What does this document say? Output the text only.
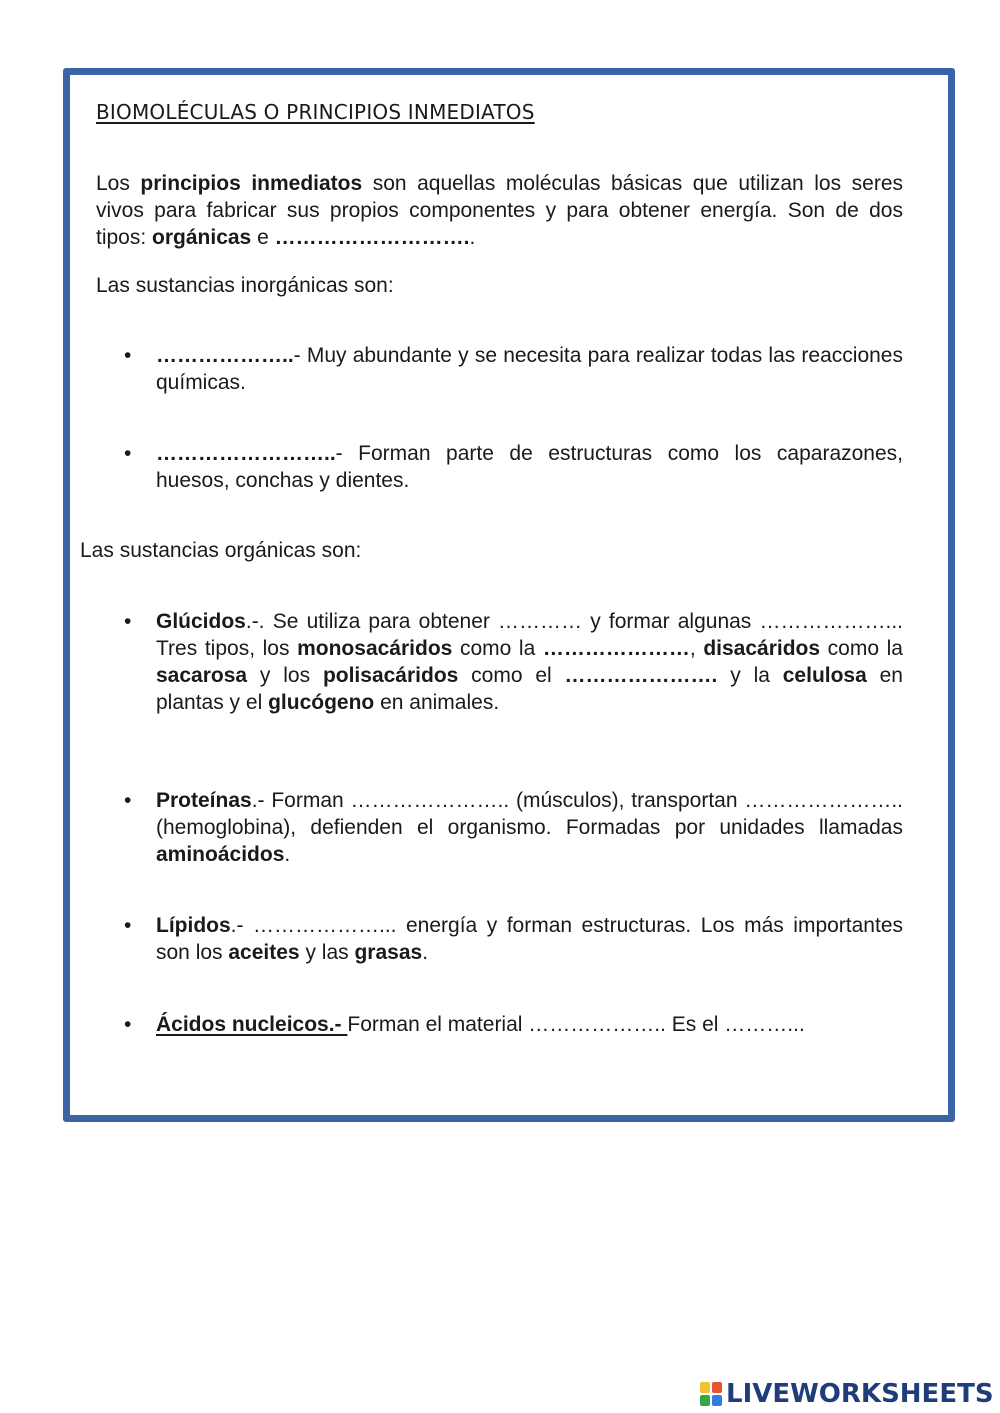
BIOMOLÉCULAS O PRINCIPIOS INMEDIATOS

Los principios inmediatos son aquellas moléculas básicas que utilizan los seres vivos para fabricar sus propios componentes y para obtener energía. Son de dos tipos: orgánicas e ………………………..

Las sustancias inorgánicas son:

• ………………..- Muy abundante y se necesita para realizar todas las reacciones químicas.
• ……………………..- Forman parte de estructuras como los caparazones, huesos, conchas y dientes.

Las sustancias orgánicas son:

• Glúcidos.-. Se utiliza para obtener ………… y formar algunas ………………... Tres tipos, los monosacáridos como la …………………, disacáridos como la sacarosa y los polisacáridos como el …………………. y la celulosa en plantas y el glucógeno en animales.
• Proteínas.- Forman ………………….. (músculos), transportan ………………….. (hemoglobina), defienden el organismo. Formadas por unidades llamadas aminoácidos.
• Lípidos.- ………………... energía y forman estructuras. Los más importantes son los aceites y las grasas.
• Ácidos nucleicos.- Forman el material ……………….. Es el ………...
LIVEWORKSHEETS
